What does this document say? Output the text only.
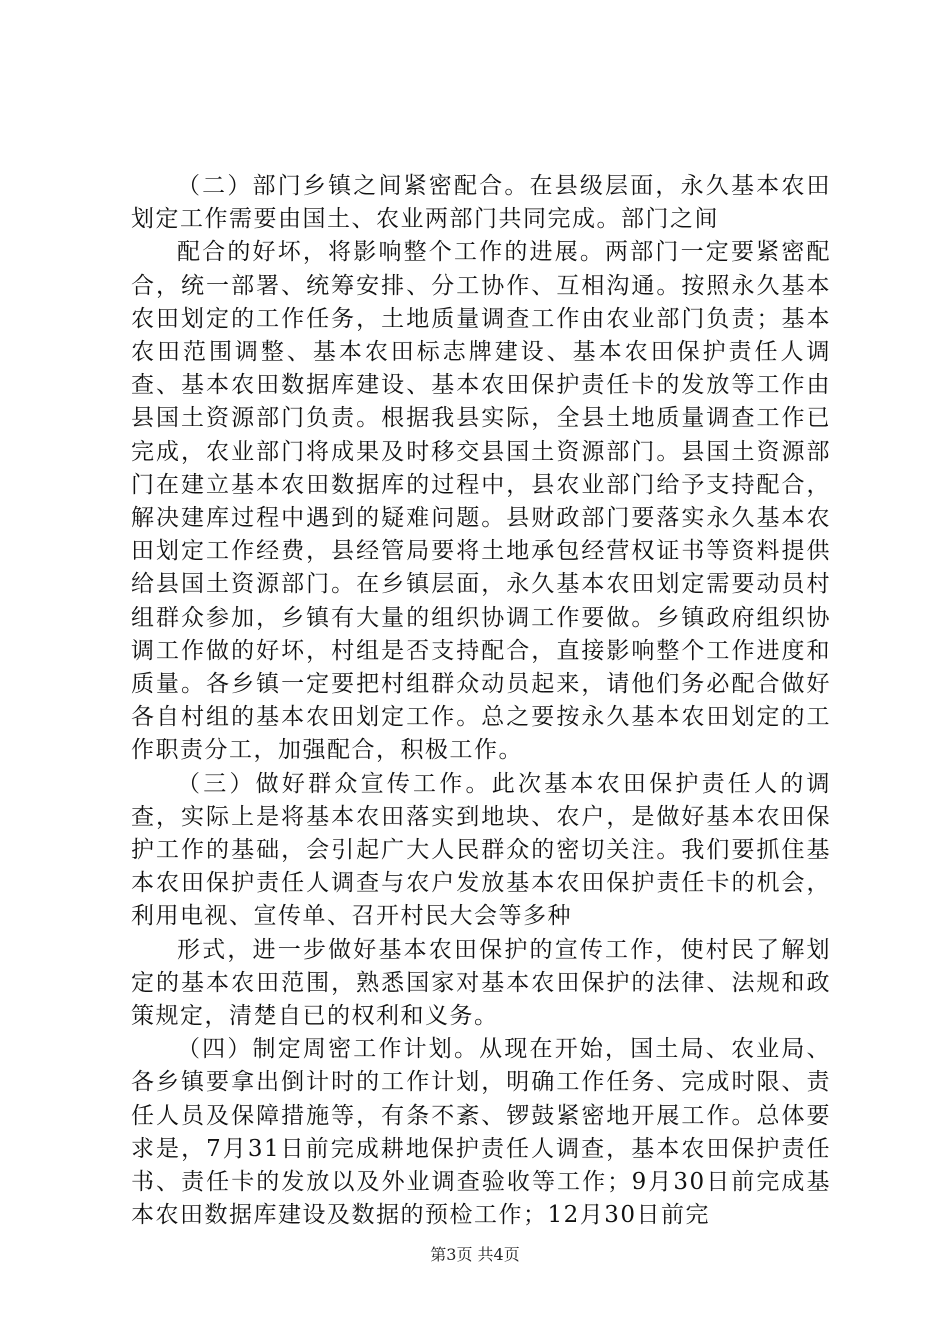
（二）部门乡镇之间紧密配合。在县级层面，永久基本农田划定工作需要由国土、农业两部门共同完成。部门之间

配合的好坏，将影响整个工作的进展。两部门一定要紧密配合，统一部署、统筹安排、分工协作、互相沟通。按照永久基本农田划定的工作任务，土地质量调查工作由农业部门负责；基本农田范围调整、基本农田标志牌建设、基本农田保护责任人调查、基本农田数据库建设、基本农田保护责任卡的发放等工作由县国土资源部门负责。根据我县实际，全县土地质量调查工作已完成，农业部门将成果及时移交县国土资源部门。县国土资源部门在建立基本农田数据库的过程中，县农业部门给予支持配合，解决建库过程中遇到的疑难问题。县财政部门要落实永久基本农田划定工作经费，县经管局要将土地承包经营权证书等资料提供给县国土资源部门。在乡镇层面，永久基本农田划定需要动员村组群众参加，乡镇有大量的组织协调工作要做。乡镇政府组织协调工作做的好坏，村组是否支持配合，直接影响整个工作进度和质量。各乡镇一定要把村组群众动员起来，请他们务必配合做好各自村组的基本农田划定工作。总之要按永久基本农田划定的工作职责分工，加强配合，积极工作。

（三）做好群众宣传工作。此次基本农田保护责任人的调查，实际上是将基本农田落实到地块、农户，是做好基本农田保护工作的基础，会引起广大人民群众的密切关注。我们要抓住基本农田保护责任人调查与农户发放基本农田保护责任卡的机会，利用电视、宣传单、召开村民大会等多种

形式，进一步做好基本农田保护的宣传工作，使村民了解划定的基本农田范围，熟悉国家对基本农田保护的法律、法规和政策规定，清楚自已的权利和义务。

（四）制定周密工作计划。从现在开始，国土局、农业局、各乡镇要拿出倒计时的工作计划，明确工作任务、完成时限、责任人员及保障措施等，有条不紊、锣鼓紧密地开展工作。总体要求是，7月31日前完成耕地保护责任人调查，基本农田保护责任书、责任卡的发放以及外业调查验收等工作；9月30日前完成基本农田数据库建设及数据的预检工作；12月30日前完

第3页 共4页
